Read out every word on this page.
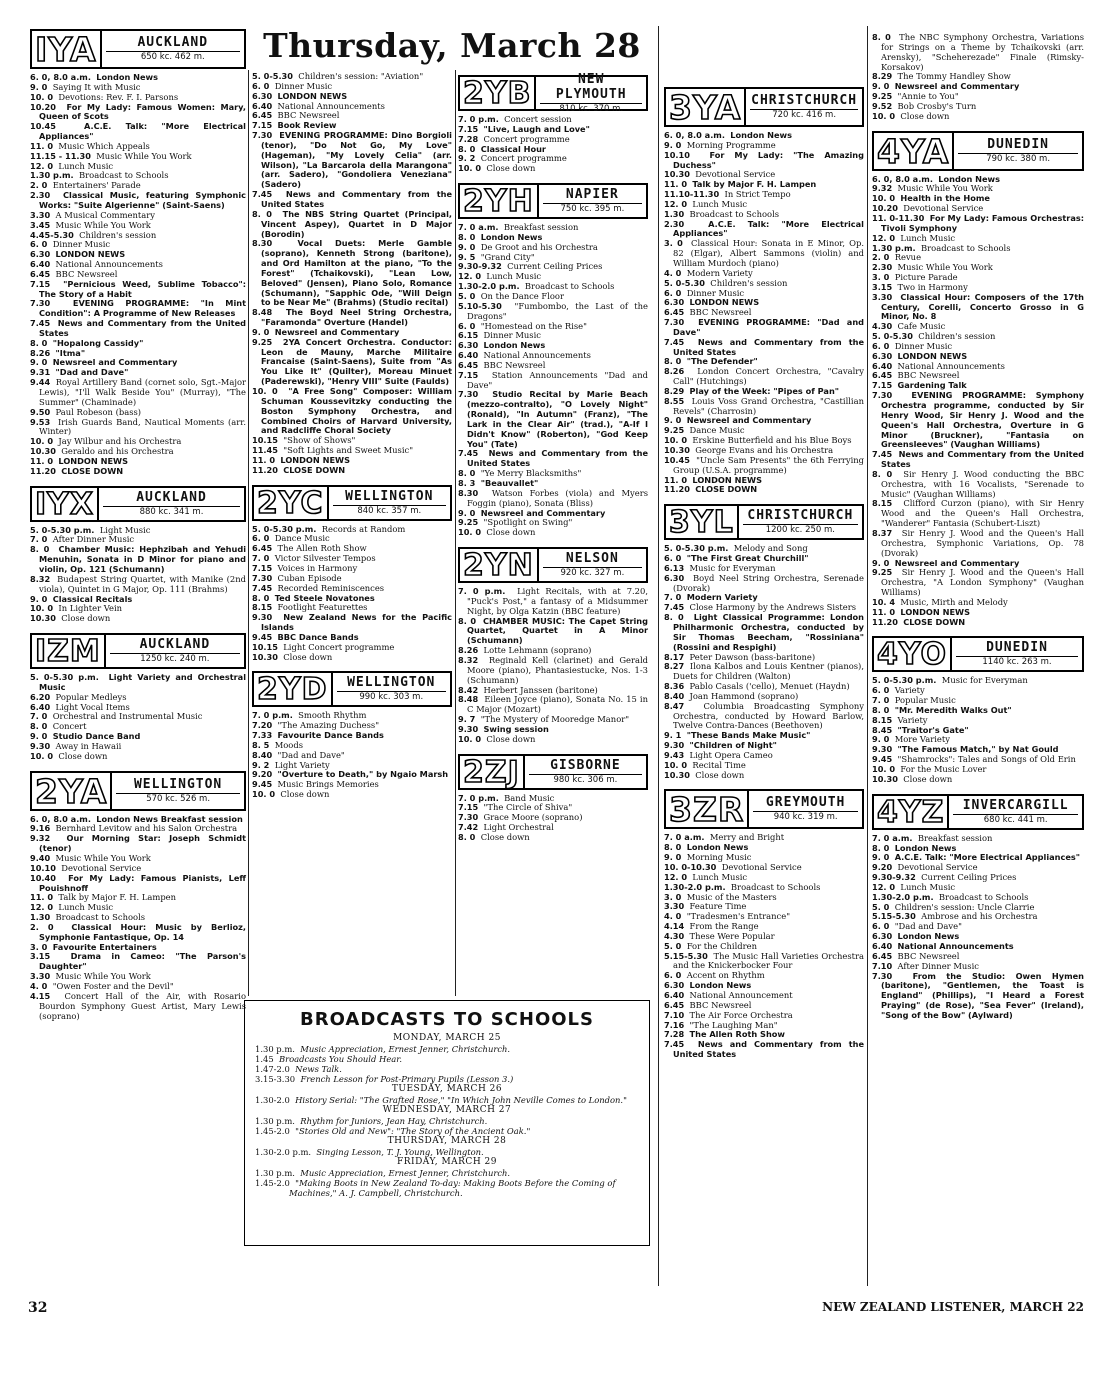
Thursday, March 28
IYA	AUCKLAND
650 kc. 462 m.
6. 0, 8.0 a.m. London News
9. 0 Saying It with Music
10. 0 Devotions: Rev. F. I. Parsons
10.20 For My Lady: Famous Women: Mary, Queen of Scots
10.45	A.C.E. Talk: "More Electrical Appliances"
11. 0 Music Which Appeals
11.15 - 11.30 Music While You Work
12. 0 Lunch Music
1.30 p.m. Broadcast to Schools
2. 0 Entertainers' Parade
2.30 Classical Music, featuring Symphonic Works: "Suite Algerienne" (Saint-Saens)
3.30 A Musical Commentary
3.45 Music While You Work
4.45-5.30 Children's session
6. 0 Dinner Music
6.30 LONDON NEWS
6.40 National Announcements
6.45 BBC Newsreel
7.15 "Pernicious Weed, Sublime Tobacco": The Story of a Habit
7.30	EVENING PROGRAMME: "In Mint Condition": A Programme of New Releases
7.45 News and Commentary from the United States
8. 0 "Hopalong Cassidy"
8.26 "Itma"
9. 0 Newsreel and Commentary
9.31 "Dad and Dave"
9.44 Royal Artillery Band (cornet solo, Sgt.-Major Lewis), "I'll Walk Beside You" (Murray), "The Summer" (Chaminade)
9.50 Paul Robeson (bass)
9.53 Irish Guards Band, Nautical Moments (arr. Winter)
10. 0 Jay Wilbur and his Orchestra
10.30 Geraldo and his Orchestra
11. 0 LONDON NEWS
11.20 CLOSE DOWN
IYX	AUCKLAND
880 kc. 341 m.
5. 0-5.30 p.m. Light Music
7. 0 After Dinner Music
8. 0 Chamber Music: Hephzibah and Yehudi Menuhin, Sonata in D Minor for piano and violin, Op. 121 (Schumann)
8.32 Budapest String Quartet, with Manike (2nd viola), Quintet in G Major, Op. 111 (Brahms)
9. 0 Classical Recitals
10. 0 In Lighter Vein
10.30 Close down
IZM	AUCKLAND
1250 kc. 240 m.
5. 0-5.30 p.m. Light Variety and Orchestral Music
6.20 Popular Medleys
6.40 Light Vocal Items
7. 0 Orchestral and Instrumental Music
8. 0 Concert
9. 0 Studio Dance Band
9.30 Away in Hawaii
10. 0 Close down
2YA	WELLINGTON
570 kc. 526 m.
6. 0, 8.0 a.m. London News Breakfast session
9.16 Bernhard Levitow and his Salon Orchestra
9.32 Our Morning Star: Joseph Schmidt (tenor)
9.40 Music While You Work
10.10 Devotional Service
10.40 For My Lady: Famous Pianists, Leff Pouishnoff
11. 0 Talk by Major F. H. Lampen
12. 0 Lunch Music
1.30 Broadcast to Schools
2. 0 Classical Hour: Music by Berlioz, Symphonie Fantastique, Op. 14
3. 0 Favourite Entertainers
3.15 Drama in Cameo: "The Parson's Daughter"
3.30 Music While You Work
4. 0 "Owen Foster and the Devil"
4.15 Concert Hall of the Air, with Rosario Bourdon Symphony Guest Artist, Mary Lewis (soprano)
5. 0-5.30 Children's session: "Aviation"
6. 0 Dinner Music
6.30 LONDON NEWS
6.40 National Announcements
6.45 BBC Newsreel
7.15 Book Review
7.30 EVENING PROGRAMME: Dino Borgioli (tenor), "Do Not Go, My Love" (Hageman), "My Lovely Celia" (arr. Wilson), "La Barcarola della Marangona" (arr. Sadero), "Gondoliera Veneziana" (Sadero)
7.45 News and Commentary from the United States
8. 0 The NBS String Quartet (Principal, Vincent Aspey), Quartet in D Major (Borodin)
8.30	Vocal Duets: Merle Gamble (soprano), Kenneth Strong (baritone), and Ord Hamilton at the piano, "To the Forest" (Tchaikovski), "Lean Low, Beloved" (Jensen), Piano Solo, Romance (Schumann), "Sapphic Ode, "Will Deign to be Near Me" (Brahms) (Studio recital)
8.48 The Boyd Neel String Orchestra, "Faramonda" Overture (Handel)
9. 0 Newsreel and Commentary
9.25 2YA Concert Orchestra. Conductor: Leon de Mauny, Marche Militaire Francaise (Saint-Saens), Suite from "As You Like It" (Quilter), Moreau Minuet (Paderewski), "Henry VIII" Suite (Faulds)
10. 0 "A Free Song" Composer: William Schuman Koussevitzky conducting the Boston Symphony Orchestra, and Combined Choirs of Harvard University, and Radcliffe Choral Society
10.15 "Show of Shows"
11.45 "Soft Lights and Sweet Music"
11. 0 LONDON NEWS
11.20 CLOSE DOWN
2YC	WELLINGTON
840 kc. 357 m.
5. 0-5.30 p.m. Records at Random
6. 0 Dance Music
6.45 The Allen Roth Show
7. 0 Victor Silvester Tempos
7.15 Voices in Harmony
7.30 Cuban Episode
7.45 Recorded Reminiscences
8. 0 Ted Steele Novatones
8.15 Footlight Featurettes
9.30 New Zealand News for the Pacific Islands
9.45 BBC Dance Bands
10.15 Light Concert programme
10.30 Close down
2YD	WELLINGTON
990 kc. 303 m.
7. 0 p.m. Smooth Rhythm
7.20 "The Amazing Duchess"
7.33 Favourite Dance Bands
8. 5 Moods
8.40 "Dad and Dave"
9. 2 Light Variety
9.20 "Overture to Death," by Ngaio Marsh
9.45 Music Brings Memories
10. 0 Close down
2YB	NEW PLYMOUTH
810 kc. 370 m.
7. 0 p.m. Concert session
7.15 "Live, Laugh and Love"
7.28 Concert programme
8. 0 Classical Hour
9. 2 Concert programme
10. 0 Close down
2YH	NAPIER
750 kc. 395 m.
7. 0 a.m. Breakfast session
8. 0 London News
9. 0 De Groot and his Orchestra
9. 5 "Grand City"
9.30-9.32 Current Ceiling Prices
12. 0 Lunch Music
1.30-2.0 p.m. Broadcast to Schools
5. 0 On the Dance Floor
5.10-5.30 "Fumbombo, the Last of the Dragons"
6. 0 "Homestead on the Rise"
6.15 Dinner Music
6.30 London News
6.40 National Announcements
6.45 BBC Newsreel
7.15 Station Announcements "Dad and Dave"
7.30 Studio Recital by Marie Beach (mezzo-contralto), "O Lovely Night" (Ronald), "In Autumn" (Franz), "The Lark in the Clear Air" (trad.), "A-If I Didn't Know" (Roberton), "God Keep You" (Tate)
7.45 News and Commentary from the United States
8. 0 "Ye Merry Blacksmiths"
8. 3 "Beauvallet"
8.30 Watson Forbes (viola) and Myers Foggin (piano), Sonata (Bliss)
9. 0 Newsreel and Commentary
9.25 "Spotlight on Swing"
10. 0 Close down
2YN	NELSON
920 kc. 327 m.
7. 0 p.m. Light Recitals, with at 7.20, "Puck's Post," a fantasy of a Midsummer Night, by Olga Katzin (BBC feature)
8. 0 CHAMBER MUSIC: The Capet String Quartet, Quartet in A Minor (Schumann)
8.26 Lotte Lehmann (soprano)
8.32 Reginald Kell (clarinet) and Gerald Moore (piano), Phantasiestucke, Nos. 1-3 (Schumann)
8.42 Herbert Janssen (baritone)
8.48 Eileen Joyce (piano), Sonata No. 15 in C Major (Mozart)
9. 7 "The Mystery of Mooredge Manor"
9.30 Swing session
10. 0 Close down
2ZJ	GISBORNE
980 kc. 306 m.
7. 0 p.m. Band Music
7.15 "The Circle of Shiva"
7.30 Grace Moore (soprano)
7.42 Light Orchestral
8. 0 Close down
3YA CHRISTCHURCH
720 kc. 416 m.
6. 0, 8.0 a.m. London News
9. 0 Morning Programme
10.10 For My Lady: "The Amazing Duchess"
10.30 Devotional Service
11. 0 Talk by Major F. H. Lampen
11.10-11.30 In Strict Tempo
12. 0 Lunch Music
1.30 Broadcast to Schools
2.30	A.C.E. Talk: "More Electrical Appliances"
3. 0 Classical Hour: Sonata in E Minor, Op. 82 (Elgar), Albert Sammons (violin) and William Murdoch (piano)
4. 0 Modern Variety
5. 0-5.30 Children's session
6. 0 Dinner Music
6.30 LONDON NEWS
6.45 BBC Newsreel
7.30 EVENING PROGRAMME: "Dad and Dave"
7.45 News and Commentary from the United States
8. 0 "The Defender"
8.26 London Concert Orchestra, "Cavalry Call" (Hutchings)
8.29 Play of the Week: "Pipes of Pan"
8.55 Louis Voss Grand Orchestra, "Castillian Revels" (Charrosin)
9. 0 Newsreel and Commentary
9.25 Dance Music
10. 0 Erskine Butterfield and his Blue Boys
10.30 George Evans and his Orchestra
10.45 "Uncle Sam Presents" the 6th Ferrying Group (U.S.A. programme)
11. 0 LONDON NEWS
11.20 CLOSE DOWN
3YL	CHRISTCHURCH
1200 kc. 250 m.
5. 0-5.30 p.m. Melody and Song
6. 0 "The First Great Churchill"
6.13 Music for Everyman
6.30 Boyd Neel String Orchestra, Serenade (Dvorak)
7. 0 Modern Variety
7.45 Close Harmony by the Andrews Sisters
8. 0 Light Classical Programme: London Philharmonic Orchestra, conducted by Sir Thomas Beecham, "Rossiniana" (Rossini and Respighi)
8.17 Peter Dawson (bass-baritone)
8.27 Ilona Kalbos and Louis Kentner (pianos), Duets for Children (Walton)
8.36 Pablo Casals ('cello), Menuet (Haydn)
8.40 Joan Hammond (soprano)
8.47 Columbia Broadcasting Symphony Orchestra, conducted by Howard Barlow, Twelve Contra-Dances (Beethoven)
9. 1 "These Bands Make Music"
9.30 "Children of Night"
9.43 Light Opera Cameo
10. 0 Recital Time
10.30 Close down
3ZR	GREYMOUTH
940 kc. 319 m.
7. 0 a.m. Merry and Bright
8. 0 London News
9. 0 Morning Music
10. 0-10.30 Devotional Service
12. 0 Lunch Music
1.30-2.0 p.m. Broadcast to Schools
3. 0 Music of the Masters
3.30 Feature Time
4. 0 "Tradesmen's Entrance"
4.14 From the Range
4.30 These Were Popular
5. 0 For the Children
5.15-5.30 The Music Hall Varieties Orchestra and the Knickerbocker Four
6. 0 Accent on Rhythm
6.30 London News
6.40 National Announcement
6.45 BBC Newsreel
7.10 The Air Force Orchestra
7.16 "The Laughing Man"
7.28 The Allen Roth Show
7.45 News and Commentary from the United States
8. 0 The NBC Symphony Orchestra, Variations for Strings on a Theme by Tchaikovski (arr. Arensky), "Scheherezade" Finale (Rimsky-Korsakov)
8.29 The Tommy Handley Show
9. 0 Newsreel and Commentary
9.25 "Annie to You"
9.52 Bob Crosby's Turn
10. 0 Close down
4YA	DUNEDIN
790 kc. 380 m.
6. 0, 8.0 a.m. London News
9.32 Music While You Work
10. 0 Health in the Home
10.20 Devotional Service
11. 0-11.30 For My Lady: Famous Orchestras: Tivoli Symphony
12. 0 Lunch Music
1.30 p.m. Broadcast to Schools
2. 0 Revue
2.30 Music While You Work
3. 0 Picture Parade
3.15 Two in Harmony
3.30 Classical Hour: Composers of the 17th Century, Corelli, Concerto Grosso in G Minor, No. 8
4.30 Cafe Music
5. 0-5.30 Children's session
6. 0 Dinner Music
6.30 LONDON NEWS
6.40 National Announcements
6.45 BBC Newsreel
7.15 Gardening Talk
7.30 EVENING PROGRAMME: Symphony Orchestra programme, conducted by Sir Henry Wood, Sir Henry J. Wood and the Queen's Hall Orchestra, Overture in G Minor (Bruckner), "Fantasia on Greensleeves" (Vaughan Williams)
7.45 News and Commentary from the United States
8. 0 Sir Henry J. Wood conducting the BBC Orchestra, with 16 Vocalists, "Serenade to Music" (Vaughan Williams)
8.15 Clifford Curzon (piano), with Sir Henry Wood and the Queen's Hall Orchestra, "Wanderer" Fantasia (Schubert-Liszt)
8.37 Sir Henry J. Wood and the Queen's Hall Orchestra, Symphonic Variations, Op. 78 (Dvorak)
9. 0 Newsreel and Commentary
9.25 Sir Henry J. Wood and the Queen's Hall Orchestra, "A London Symphony" (Vaughan Williams)
10. 4 Music, Mirth and Melody
11. 0 LONDON NEWS
11.20 CLOSE DOWN
4YO	DUNEDIN
1140 kc. 263 m.
5. 0-5.30 p.m. Music for Everyman
6. 0 Variety
7. 0 Popular Music
8. 0 "Mr. Meredith Walks Out"
8.15 Variety
8.45 "Traitor's Gate"
9. 0 More Variety
9.30 "The Famous Match," by Nat Gould
9.45 "Shamrocks": Tales and Songs of Old Erin
10. 0 For the Music Lover
10.30 Close down
4YZ	INVERCARGILL
680 kc. 441 m.
7. 0 a.m. Breakfast session
8. 0 London News
9. 0 A.C.E. Talk: "More Electrical Appliances"
9.20 Devotional Service
9.30-9.32 Current Ceiling Prices
12. 0 Lunch Music
1.30-2.0 p.m. Broadcast to Schools
5. 0 Children's session: Uncle Clarrie
5.15-5.30 Ambrose and his Orchestra
6. 0 "Dad and Dave"
6.30 London News
6.40 National Announcements
6.45 BBC Newsreel
7.10 After Dinner Music
7.30 From the Studio: Owen Hymen (baritone), "Gentlemen, the Toast is England" (Phillips), "I Heard a Forest Praying" (de Rose), "Sea Fever" (Ireland), "Song of the Bow" (Aylward)
BROADCASTS TO SCHOOLS
MONDAY, MARCH 25
1.30 p.m. Music Appreciation, Ernest Jenner, Christchurch.
1.45 Broadcasts You Should Hear.
1.47-2.0 News Talk.
3.15-3.30 French Lesson for Post-Primary Pupils (Lesson 3.)
TUESDAY, MARCH 26
1.30-2.0 History Serial: "The Grafted Rose," "In Which John Neville Comes to London."
WEDNESDAY, MARCH 27
1.30 p.m. Rhythm for Juniors, Jean Hay, Christchurch.
1.45-2.0 "Stories Old and New": "The Story of the Ancient Oak."
THURSDAY, MARCH 28
1.30-2.0 p.m. Singing Lesson, T. J. Young, Wellington.
FRIDAY, MARCH 29
1.30 p.m. Music Appreciation, Ernest Jenner, Christchurch.
1.45-2.0 "Making Boots in New Zealand To-day: Making Boots Before the Coming of Machines," A. J. Campbell, Christchurch.
32	NEW ZEALAND LISTENER, MARCH 22
